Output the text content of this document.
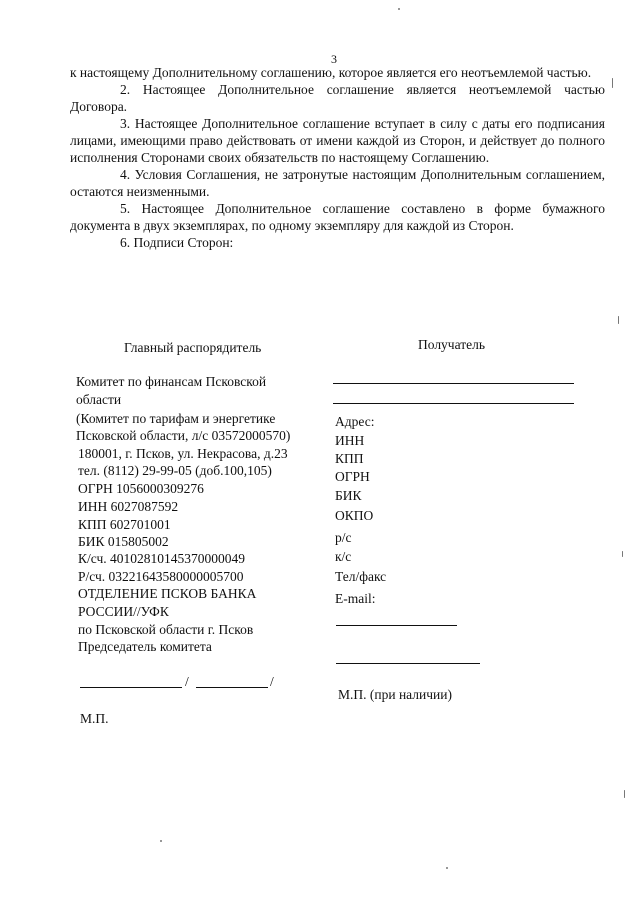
3

к настоящему Дополнительному соглашению, которое является его неотъемлемой частью.

2. Настоящее Дополнительное соглашение является неотъемлемой частью Договора.

3. Настоящее Дополнительное соглашение вступает в силу с даты его подписания лицами, имеющими право действовать от имени каждой из Сторон, и действует до полного исполнения Сторонами своих обязательств по настоящему Соглашению.

4. Условия Соглашения, не затронутые настоящим Дополнительным соглашением, остаются неизменными.

5. Настоящее Дополнительное соглашение составлено в форме бумажного документа в двух экземплярах, по одному экземпляру для каждой из Сторон.

6. Подписи Сторон:

Главный распорядитель
Комитет по финансам Псковской
области
(Комитет по тарифам и энергетике
Псковской области, л/с 03572000570)
180001, г. Псков, ул. Некрасова, д.23
тел. (8112) 29-99-05 (доб.100,105)
ОГРН 1056000309276
ИНН 6027087592
КПП 602701001
БИК 015805002
К/сч. 40102810145370000049
Р/сч. 03221643580000005700
ОТДЕЛЕНИЕ ПСКОВ БАНКА
РОССИИ//УФК
по Псковской области г. Псков
Председатель комитета
/	/
М.П.
Получатель
Адрес:
ИНН
КПП
ОГРН
БИК
ОКПО
р/с
к/с
Тел/факс
E-mail:
М.П. (при наличии)
